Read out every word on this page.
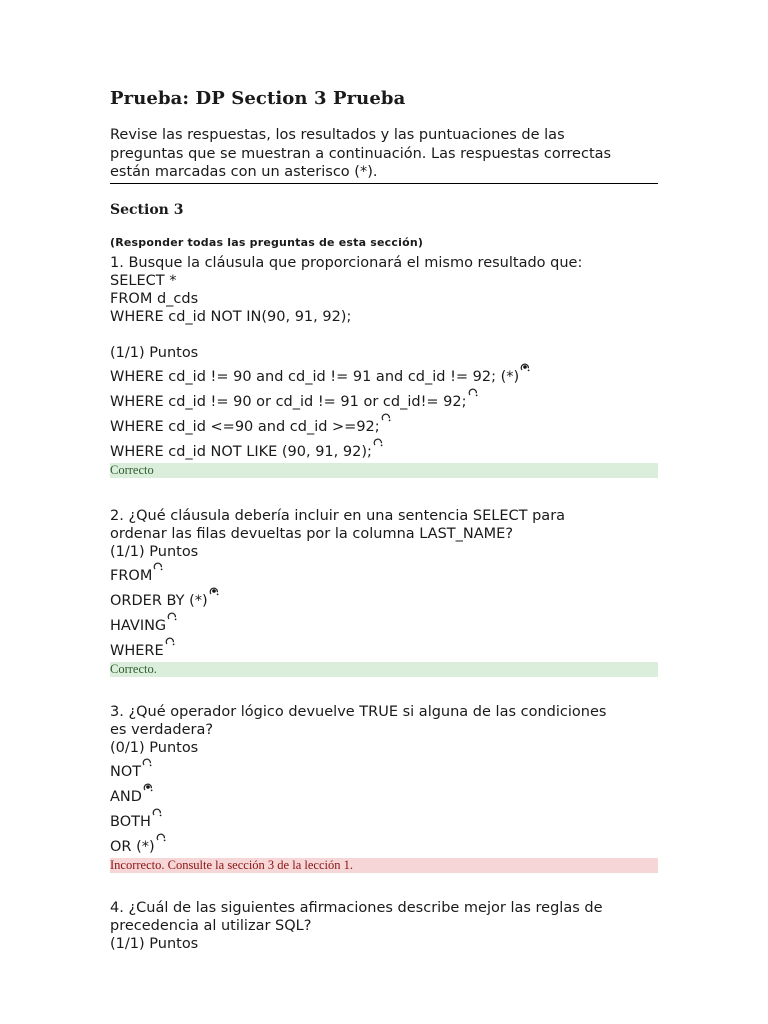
Prueba: DP Section 3 Prueba

Revise las respuestas, los resultados y las puntuaciones de las
preguntas que se muestran a continuación. Las respuestas correctas
están marcadas con un asterisco (*).

Section 3
(Responder todas las preguntas de esta sección)

1. Busque la cláusula que proporcionará el mismo resultado que:

SELECT *

FROM d_cds

WHERE cd_id NOT IN(90, 91, 92);

(1/1) Puntos

WHERE cd_id != 90 and cd_id != 91 and cd_id != 92; (*)
WHERE cd_id != 90 or cd_id != 91 or cd_id!= 92;
WHERE cd_id <=90 and cd_id >=92;
WHERE cd_id NOT LIKE (90, 91, 92);
Correcto

2. ¿Qué cláusula debería incluir en una sentencia SELECT para

ordenar las filas devueltas por la columna LAST_NAME?

(1/1) Puntos

FROM
ORDER BY (*)
HAVING
WHERE
Correcto.

3. ¿Qué operador lógico devuelve TRUE si alguna de las condiciones

es verdadera?

(0/1) Puntos

NOT
AND
BOTH
OR (*)
Incorrecto. Consulte la sección 3 de la lección 1.

4. ¿Cuál de las siguientes afirmaciones describe mejor las reglas de

precedencia al utilizar SQL?

(1/1) Puntos
